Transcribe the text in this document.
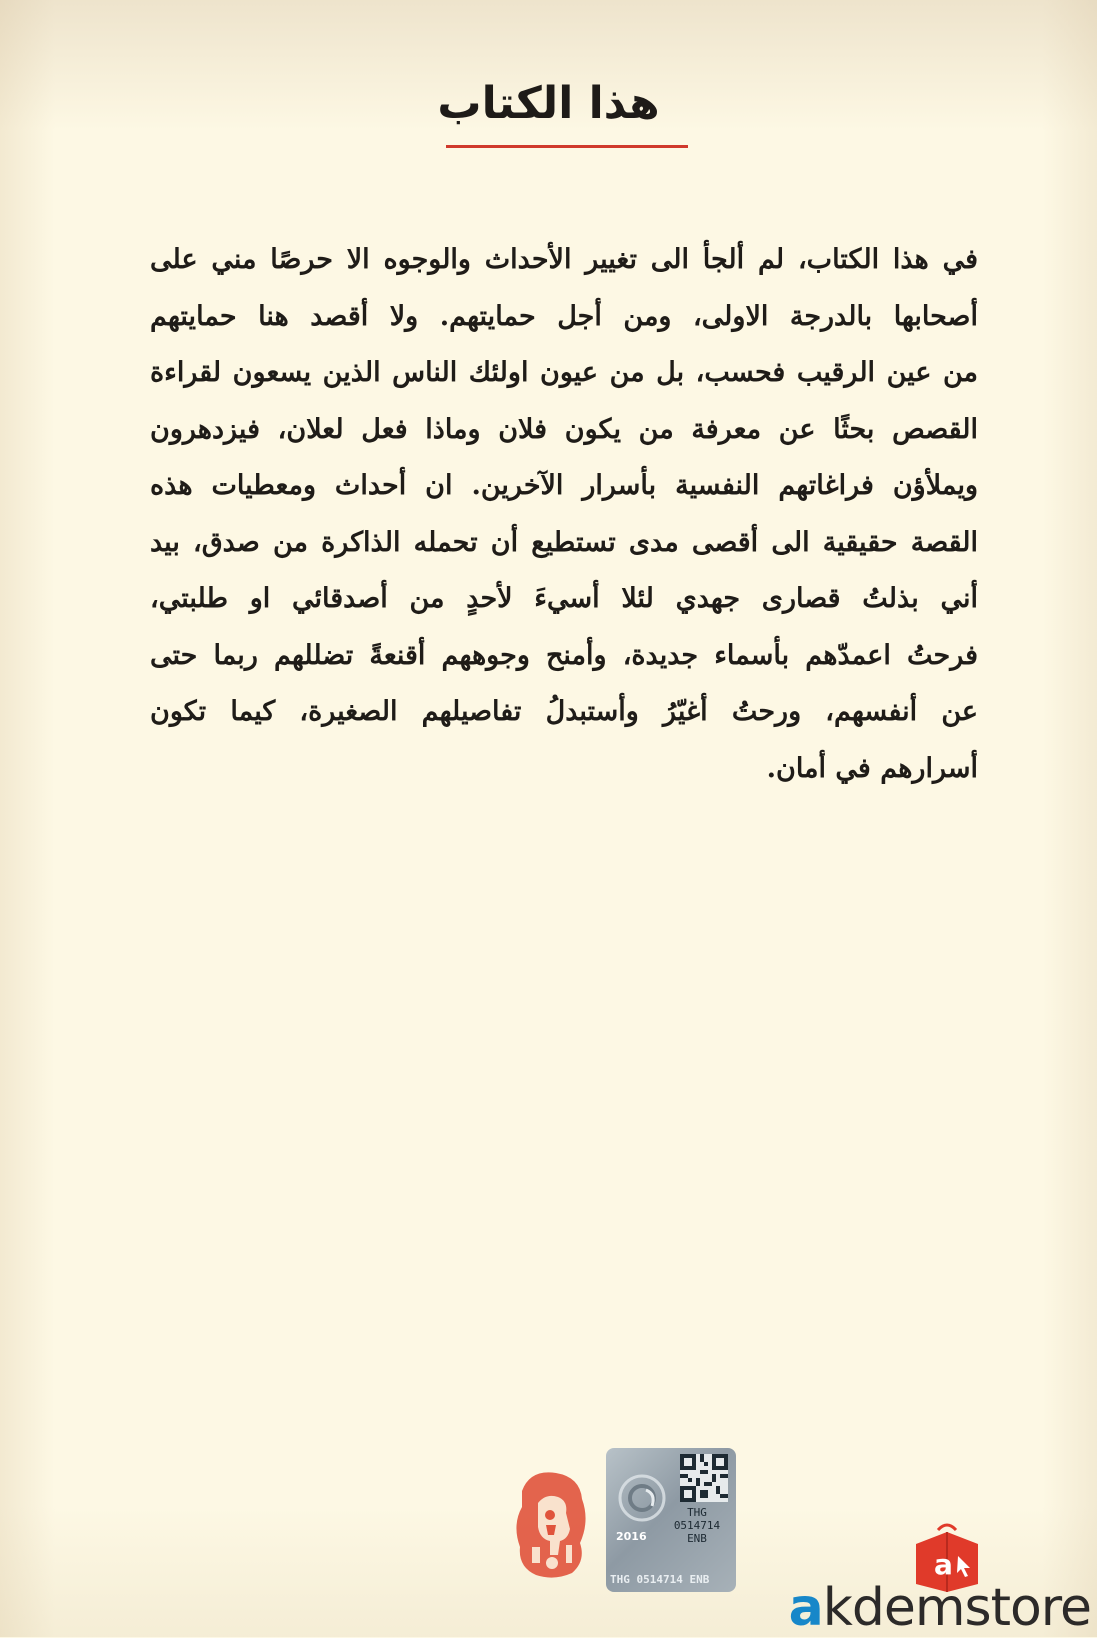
هذا الكتاب
في هذا الكتاب، لم ألجأ الى تغيير الأحداث والوجوه الا حرصًا مني على
أصحابها بالدرجة الاولى، ومن أجل حمايتهم. ولا أقصد هنا حمايتهم
من عين الرقيب فحسب، بل من عيون اولئك الناس الذين يسعون لقراءة
القصص بحثًا عن معرفة من يكون فلان وماذا فعل لعلان، فيزدهرون
ويملأؤن فراغاتهم النفسية بأسرار الآخرين. ان أحداث ومعطيات هذه
القصة حقيقية الى أقصى مدى تستطيع أن تحمله الذاكرة من صدق، بيد
أني بذلتُ قصارى جهدي لئلا أسيءَ لأحدٍ من أصدقائي او طلبتي،
فرحتُ اعمدّهم بأسماء جديدة، وأمنح وجوههم أقنعةً تضللهم ربما حتى
عن أنفسهم، ورحتُ أغيّرُ وأستبدلُ تفاصيلهم الصغيرة، كيما تكون
أسرارهم في أمان.
THG
0514714
ENB
2016
THG 0514714 ENB	a
akdemstore
